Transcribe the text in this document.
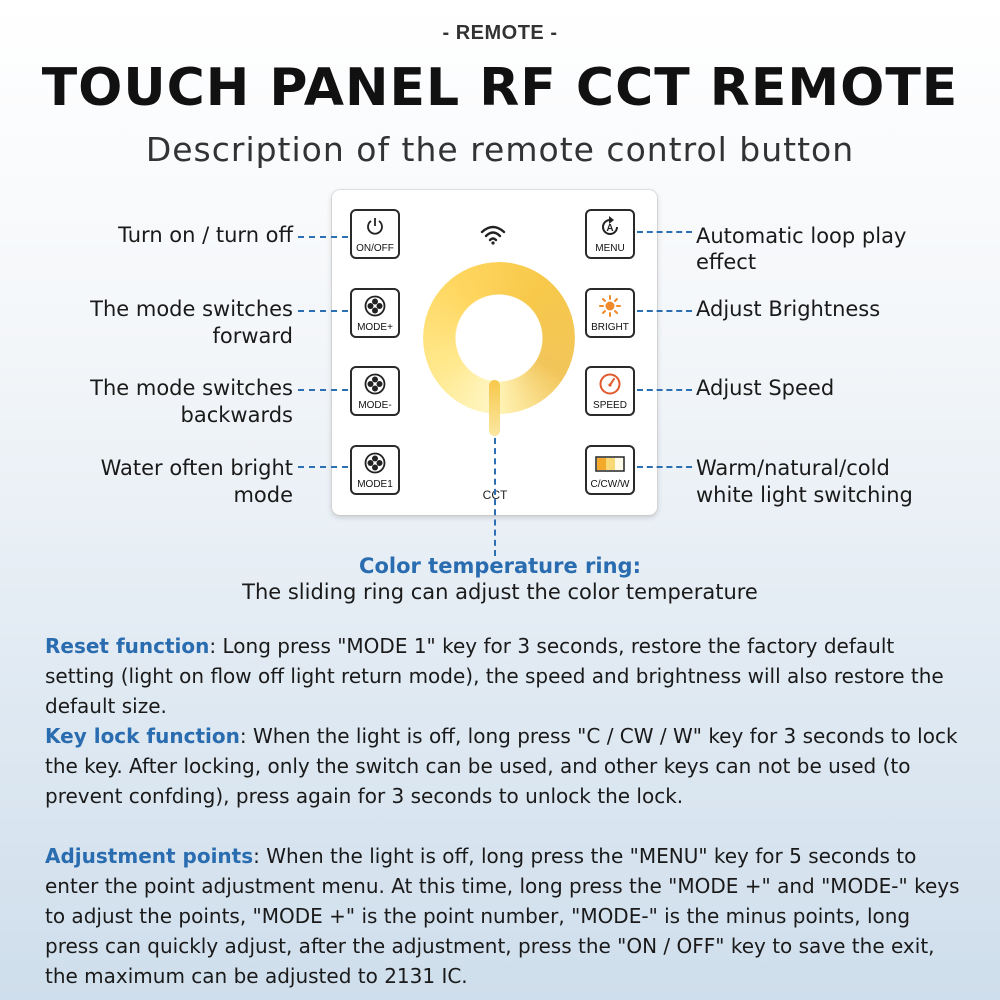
- REMOTE -
TOUCH PANEL RF CCT REMOTE
Description of the remote control button
ON/OFF
A
MENU
MODE+	BRIGHT
MODE-	SPEED
MODE1	C/CW/W
CCT
Turn on / turn off
The mode switches
forward
The mode switches
backwards
Water often bright
mode
Automatic loop play
effect
Adjust Brightness
Adjust Speed
Warm/natural/cold
white light switching
Color temperature ring:
The sliding ring can adjust the color temperature
Reset function: Long press "MODE 1" key for 3 seconds, restore the factory default setting (light on flow off light return mode), the speed and brightness will also restore the default size.
Key lock function: When the light is off, long press "C / CW / W" key for 3 seconds to lock the key. After locking, only the switch can be used, and other keys can not be used (to prevent confding), press again for 3 seconds to unlock the lock.
Adjustment points: When the light is off, long press the "MENU" key for 5 seconds to enter the point adjustment menu. At this time, long press the "MODE +" and "MODE-" keys to adjust the points, "MODE +" is the point number, "MODE-" is the minus points, long press can quickly adjust, after the adjustment, press the "ON / OFF" key to save the exit, the maximum can be adjusted to 2131 IC.
